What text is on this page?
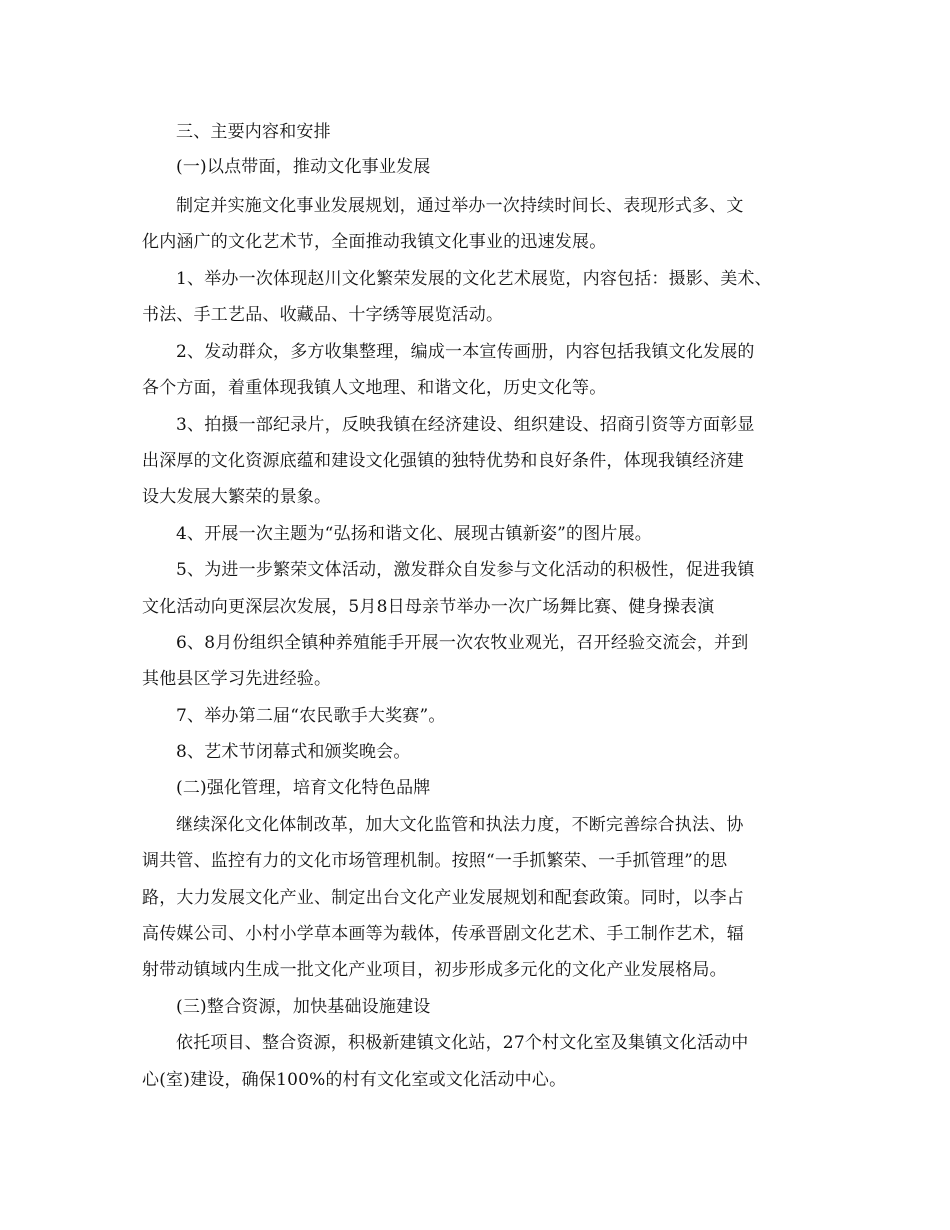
三、主要内容和安排
(一)以点带面，推动文化事业发展
制定并实施文化事业发展规划，通过举办一次持续时间长、表现形式多、文
化内涵广的文化艺术节，全面推动我镇文化事业的迅速发展。
1、举办一次体现赵川文化繁荣发展的文化艺术展览，内容包括：摄影、美术、
书法、手工艺品、收藏品、十字绣等展览活动。
2、发动群众，多方收集整理，编成一本宣传画册，内容包括我镇文化发展的
各个方面，着重体现我镇人文地理、和谐文化，历史文化等。
3、拍摄一部纪录片，反映我镇在经济建设、组织建设、招商引资等方面彰显
出深厚的文化资源底蕴和建设文化强镇的独特优势和良好条件，体现我镇经济建
设大发展大繁荣的景象。
4、开展一次主题为“弘扬和谐文化、展现古镇新姿”的图片展。
5、为进一步繁荣文体活动，激发群众自发参与文化活动的积极性，促进我镇
文化活动向更深层次发展，5月8日母亲节举办一次广场舞比赛、健身操表演
6、8月份组织全镇种养殖能手开展一次农牧业观光，召开经验交流会，并到
其他县区学习先进经验。
7、举办第二届“农民歌手大奖赛”。
8、艺术节闭幕式和颁奖晚会。
(二)强化管理，培育文化特色品牌
继续深化文化体制改革，加大文化监管和执法力度，不断完善综合执法、协
调共管、监控有力的文化市场管理机制。按照“一手抓繁荣、一手抓管理”的思
路，大力发展文化产业、制定出台文化产业发展规划和配套政策。同时，以李占
高传媒公司、小村小学草本画等为载体，传承晋剧文化艺术、手工制作艺术，辐
射带动镇域内生成一批文化产业项目，初步形成多元化的文化产业发展格局。
(三)整合资源，加快基础设施建设
依托项目、整合资源，积极新建镇文化站，27个村文化室及集镇文化活动中
心(室)建设，确保100%的村有文化室或文化活动中心。
